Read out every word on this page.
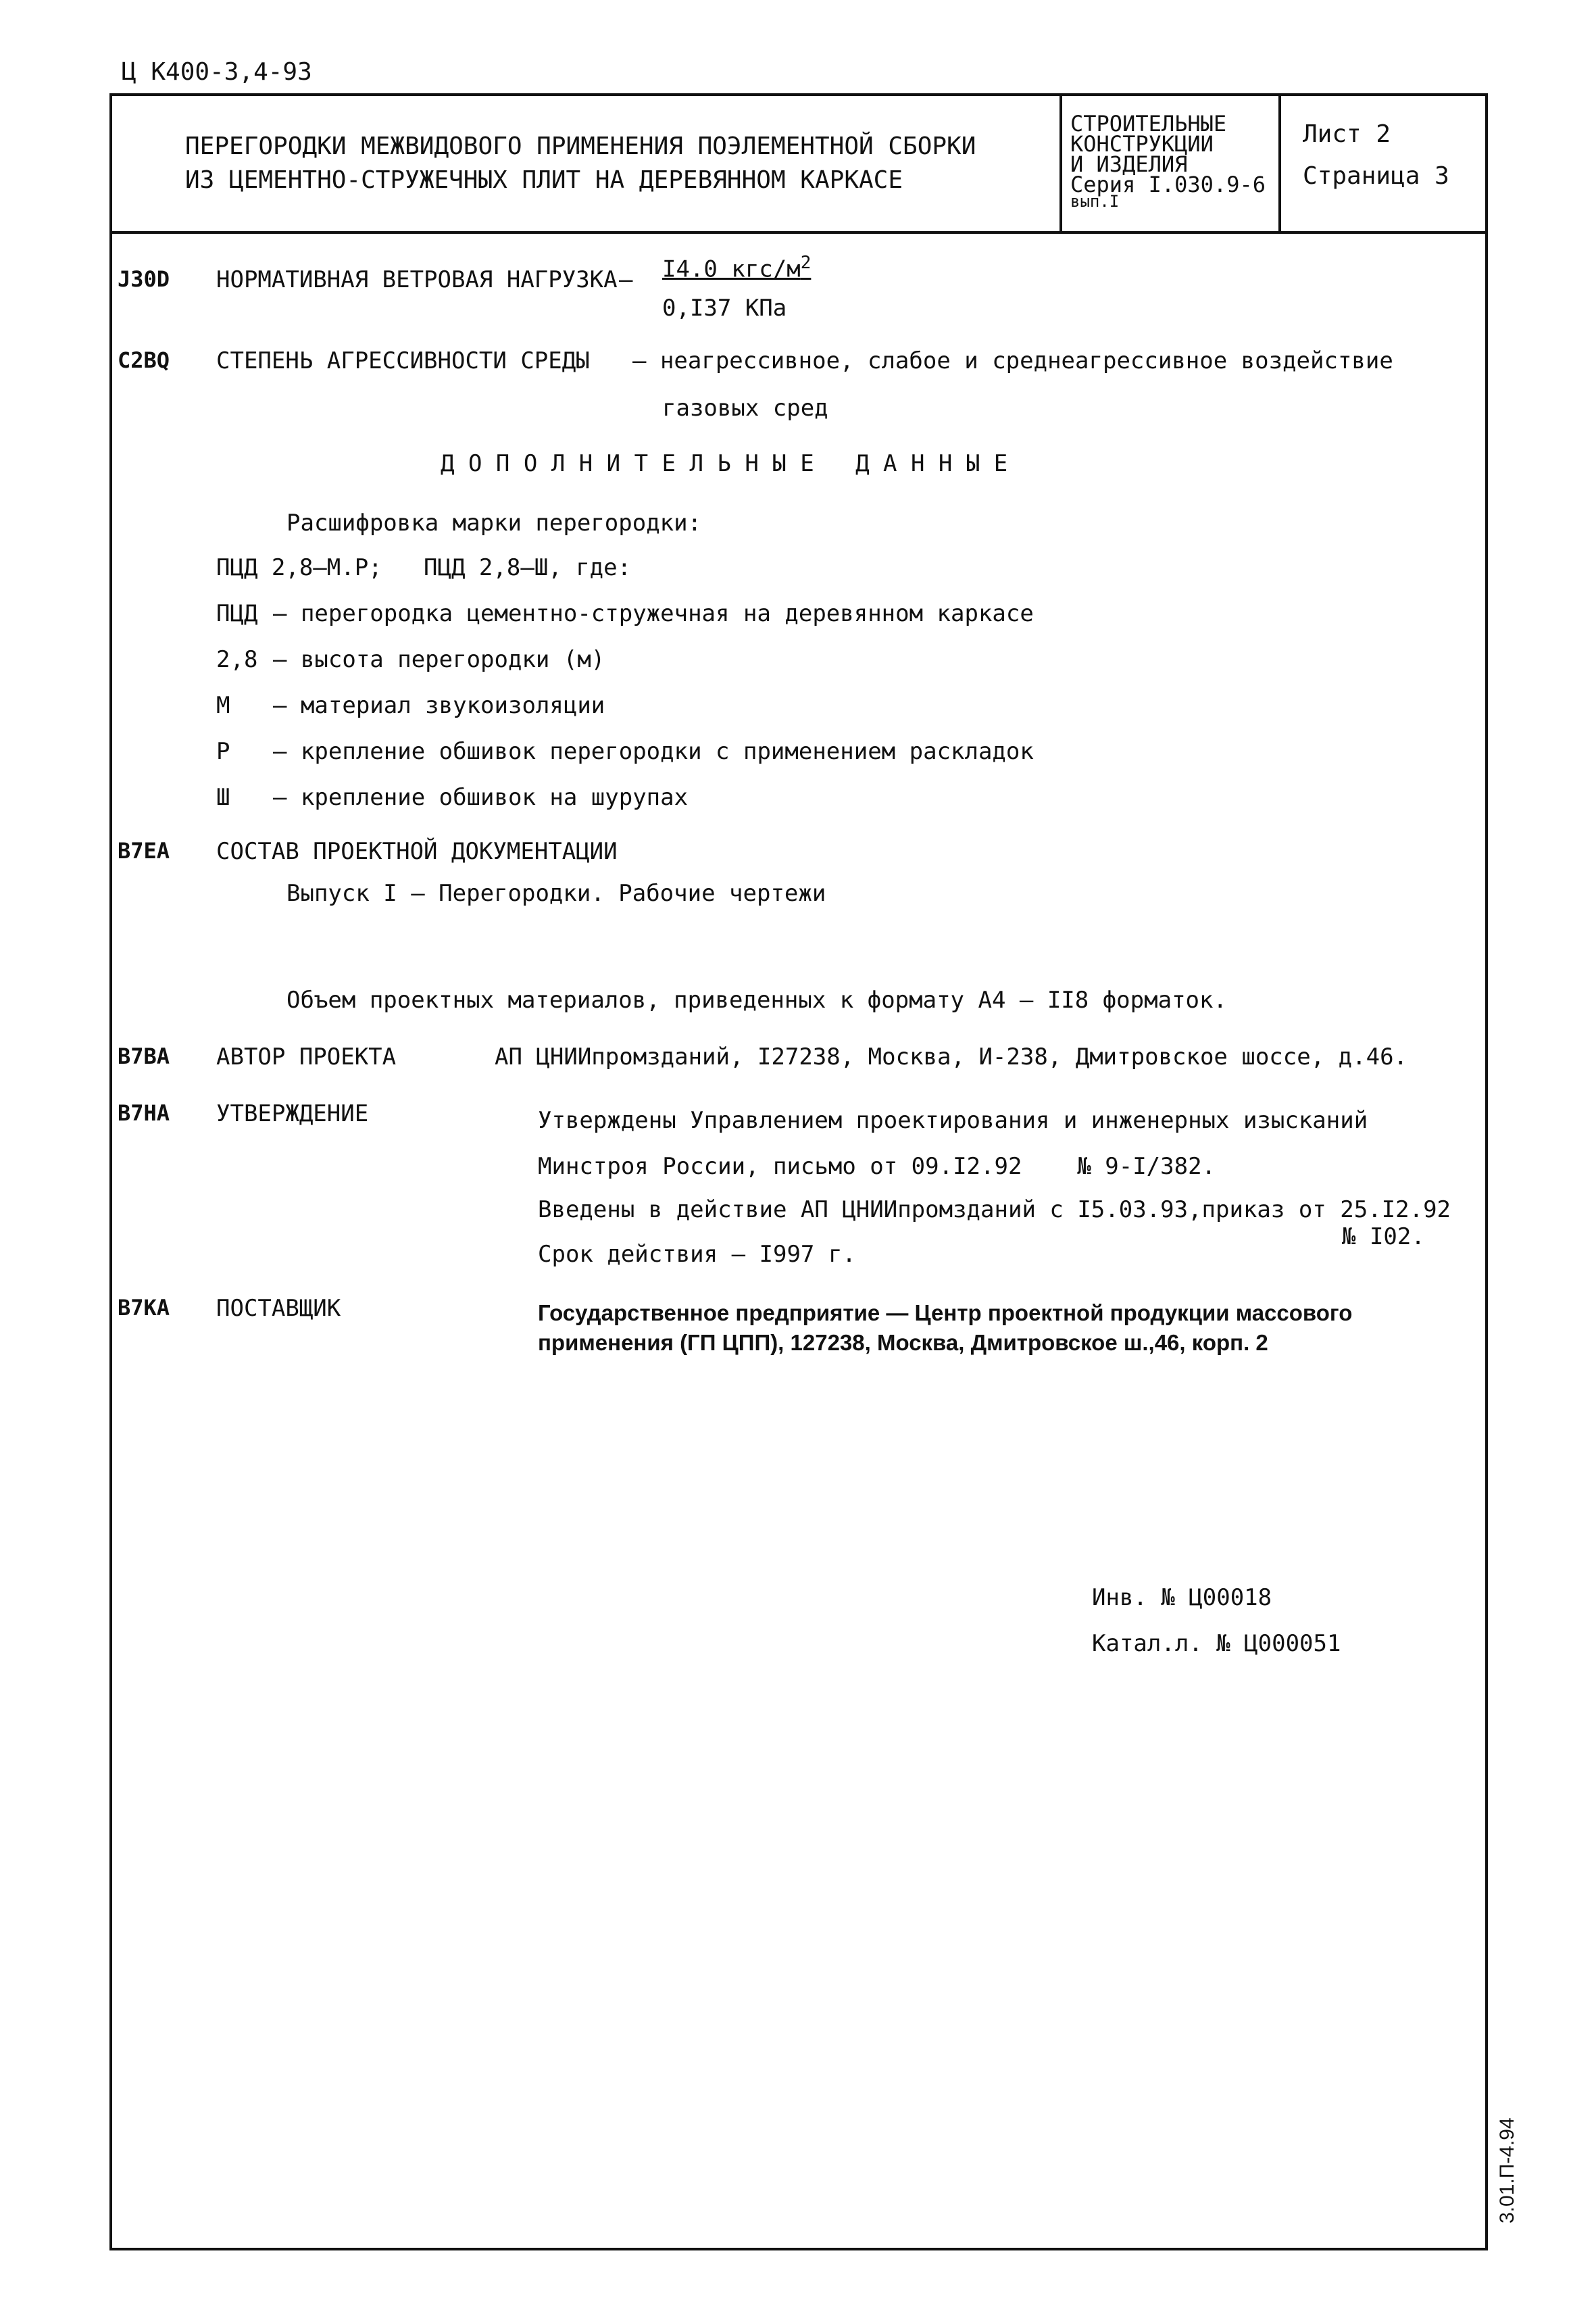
Ц К400-3,4-93
ПЕРЕГОРОДКИ МЕЖВИДОВОГО ПРИМЕНЕНИЯ ПОЭЛЕМЕНТНОЙ СБОРКИ
ИЗ ЦЕМЕНТНО-СТРУЖЕЧНЫХ ПЛИТ НА ДЕРЕВЯННОМ КАРКАСЕ
СТРОИТЕЛЬНЫЕ
КОНСТРУКЦИИ
И ИЗДЕЛИЯ
Серия I.030.9-6
вып.I
Лист 2
Страница 3
J30D НОРМАТИВНАЯ ВЕТРОВАЯ НАГРУЗКА – I4.0 кгс/$м^2$
0,I37 КПа
C2BQ СТЕПЕНЬ АГРЕССИВНОСТИ СРЕДЫ – неагрессивное, слабое и среднеагрессивное воздействие
газовых сред
Д О П О Л Н И Т Е Л Ь Н Ы Е   Д А Н Н Ы Е
Расшифровка марки перегородки:
ПЦД 2,8–М.Р;   ПЦД 2,8–Ш, где:
ПЦД – перегородка цементно-стружечная на деревянном каркасе
2,8 – высота перегородки (м)
М – материал звукоизоляции
Р – крепление обшивок перегородки с применением раскладок
Ш – крепление обшивок на шурупах
B7EA СОСТАВ ПРОЕКТНОЙ ДОКУМЕНТАЦИИ
Выпуск I – Перегородки. Рабочие чертежи
Объем проектных материалов, приведенных к формату А4 – II8 форматок.
B7BA АВТОР ПРОЕКТА	АП ЦНИИпромзданий, I27238, Москва, И-238, Дмитровское шоссе, д.46.
B7HA УТВЕРЖДЕНИЕ	Утверждены Управлением проектирования и инженерных изысканий
Минстроя России, письмо от 09.I2.92    № 9-I/382.
Введены в действие АП ЦНИИпромзданий с I5.03.93,приказ от 25.I2.92
№ I02.
Срок действия – I997 г.
B7KA ПОСТАВЩИК	Государственное предприятие — Центр проектной продукции массового
применения (ГП ЦПП), 127238, Москва, Дмитровское ш.,46, корп. 2
Инв. № Ц00018
Катал.л. № Ц000051
3.01.П-4.94
